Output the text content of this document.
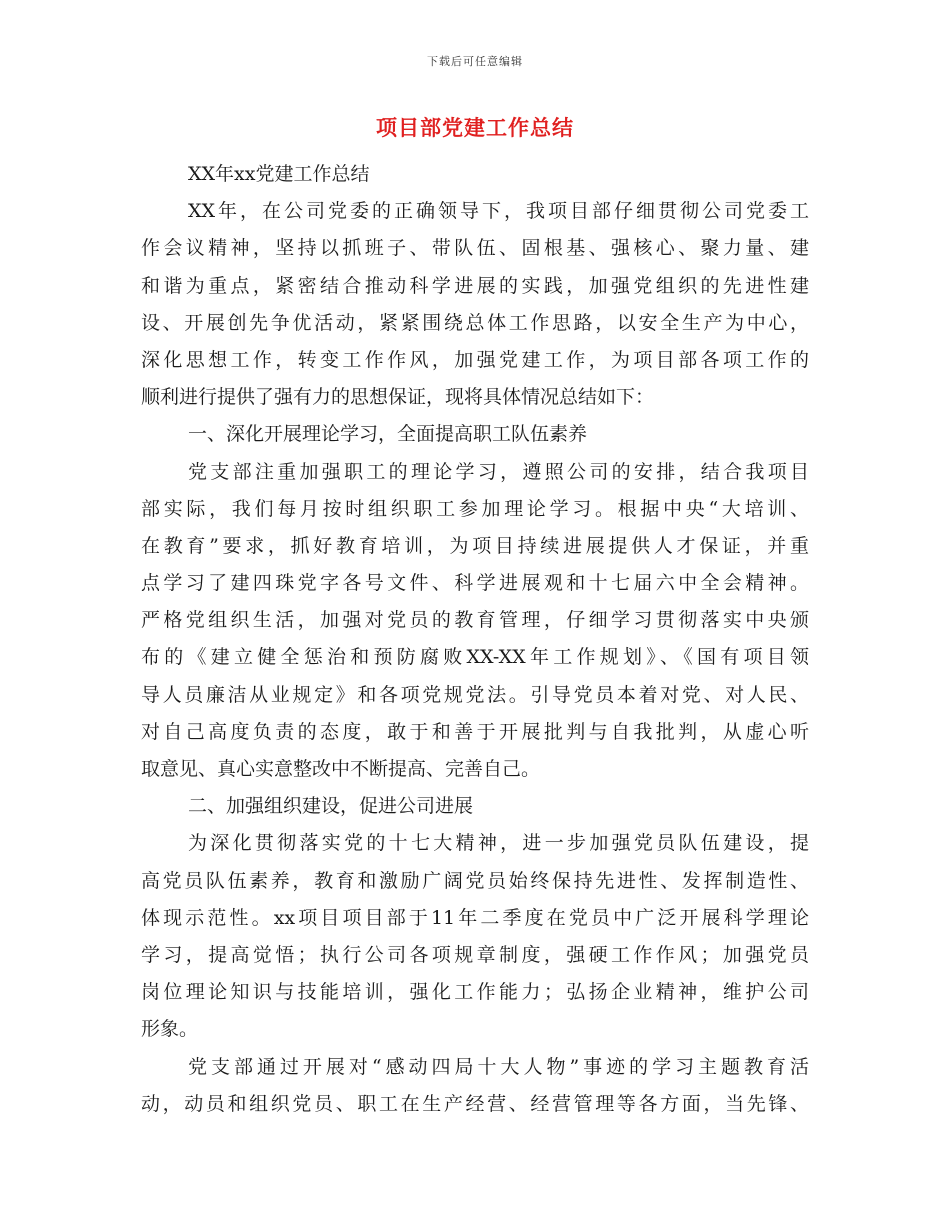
下载后可任意编辑
项目部党建工作总结
XX年xx党建工作总结
XX年，在公司党委的正确领导下，我项目部仔细贯彻公司党委工
作会议精神，坚持以抓班子、带队伍、固根基、强核心、聚力量、建
和谐为重点，紧密结合推动科学进展的实践，加强党组织的先进性建
设、开展创先争优活动，紧紧围绕总体工作思路，以安全生产为中心，
深化思想工作，转变工作作风，加强党建工作，为项目部各项工作的
顺利进行提供了强有力的思想保证，现将具体情况总结如下：
一、深化开展理论学习，全面提高职工队伍素养
党支部注重加强职工的理论学习，遵照公司的安排，结合我项目
部实际，我们每月按时组织职工参加理论学习。根据中央“大培训、
在教育”要求，抓好教育培训，为项目持续进展提供人才保证，并重
点学习了建四珠党字各号文件、科学进展观和十七届六中全会精神。
严格党组织生活，加强对党员的教育管理，仔细学习贯彻落实中央颁
布的《建立健全惩治和预防腐败XX-XX年工作规划》、《国有项目领
导人员廉洁从业规定》和各项党规党法。引导党员本着对党、对人民、
对自己高度负责的态度，敢于和善于开展批判与自我批判，从虚心听
取意见、真心实意整改中不断提高、完善自己。
二、加强组织建设，促进公司进展
为深化贯彻落实党的十七大精神，进一步加强党员队伍建设，提
高党员队伍素养，教育和激励广阔党员始终保持先进性、发挥制造性、
体现示范性。xx项目项目部于11年二季度在党员中广泛开展科学理论
学习，提高觉悟；执行公司各项规章制度，强硬工作作风；加强党员
岗位理论知识与技能培训，强化工作能力；弘扬企业精神，维护公司
形象。
党支部通过开展对“感动四局十大人物”事迹的学习主题教育活
动，动员和组织党员、职工在生产经营、经营管理等各方面，当先锋、
